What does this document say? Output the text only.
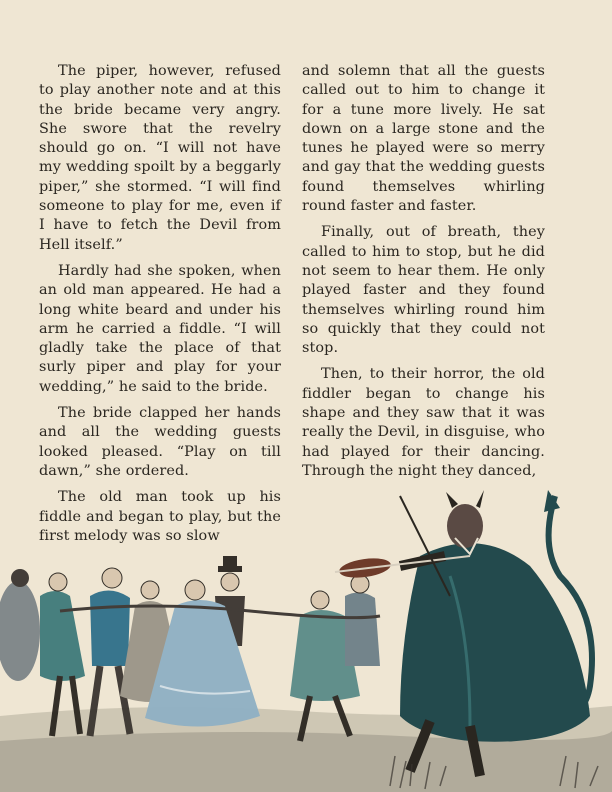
The piper, however, refused to play another note and at this the bride became very angry. She swore that the revelry should go on. “I will not have my wedding spoilt by a beggarly piper,” she stormed. “I will find someone to play for me, even if I have to fetch the Devil from Hell itself.”

Hardly had she spoken, when an old man appeared. He had a long white beard and under his arm he carried a fiddle. “I will gladly take the place of that surly piper and play for your wedding,” he said to the bride.

The bride clapped her hands and all the wedding guests looked pleased. “Play on till dawn,” she ordered.

The old man took up his fiddle and began to play, but the first melody was so slow

and solemn that all the guests called out to him to change it for a tune more lively. He sat down on a large stone and the tunes he played were so merry and gay that the wedding guests found themselves whirling round faster and faster.

Finally, out of breath, they called to him to stop, but he did not seem to hear them. He only played faster and they found themselves whirling round him so quickly that they could not stop.

Then, to their horror, the old fiddler began to change his shape and they saw that it was really the Devil, in disguise, who had played for their dancing. Through the night they danced,
